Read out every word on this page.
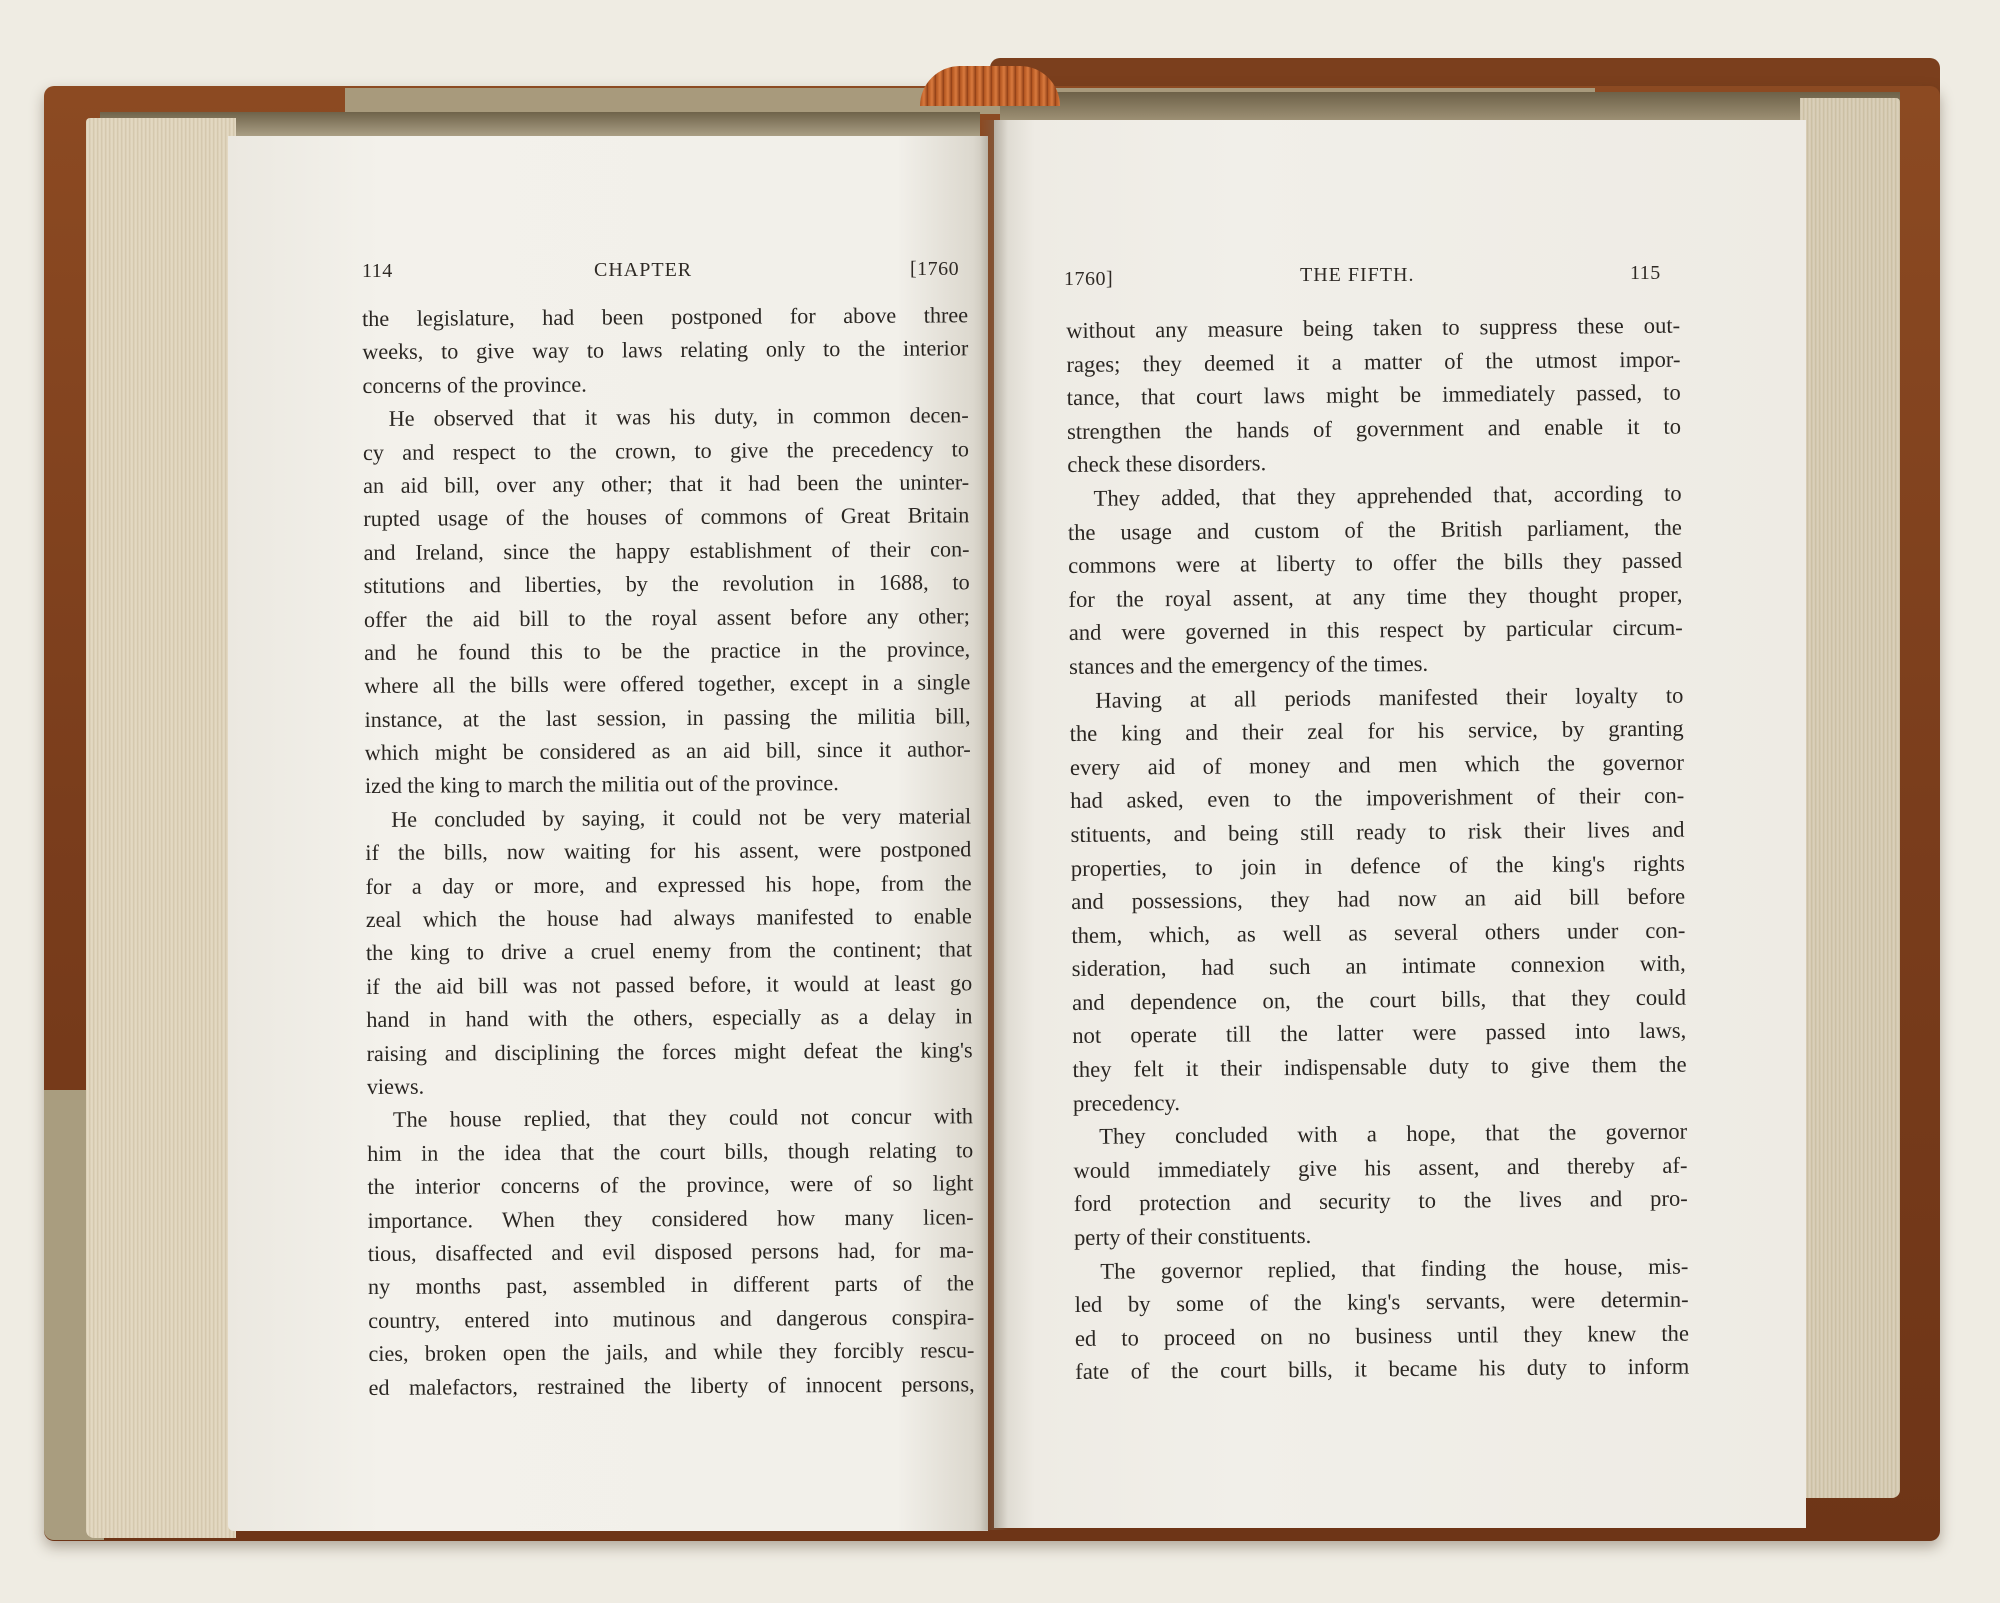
114	CHAPTER	[1760	1760]	THE FIFTH.	115
the legislature, had been postponed for above three
weeks, to give way to laws relating only to the interior
concerns of the province.
He observed that it was his duty, in common decen-
cy and respect to the crown, to give the precedency to
an aid bill, over any other; that it had been the uninter-
rupted usage of the houses of commons of Great Britain
and Ireland, since the happy establishment of their con-
stitutions and liberties, by the revolution in 1688, to
offer the aid bill to the royal assent before any other;
and he found this to be the practice in the province,
where all the bills were offered together, except in a single
instance, at the last session, in passing the militia bill,
which might be considered as an aid bill, since it author-
ized the king to march the militia out of the province.
He concluded by saying, it could not be very material
if the bills, now waiting for his assent, were postponed
for a day or more, and expressed his hope, from the
zeal which the house had always manifested to enable
the king to drive a cruel enemy from the continent; that
if the aid bill was not passed before, it would at least go
hand in hand with the others, especially as a delay in
raising and disciplining the forces might defeat the king's
views.
The house replied, that they could not concur with
him in the idea that the court bills, though relating to
the interior concerns of the province, were of so light
importance. When they considered how many licen-
tious, disaffected and evil disposed persons had, for ma-
ny months past, assembled in different parts of the
country, entered into mutinous and dangerous conspira-
cies, broken open the jails, and while they forcibly rescu-
ed malefactors, restrained the liberty of innocent persons,
without any measure being taken to suppress these out-
rages; they deemed it a matter of the utmost impor-
tance, that court laws might be immediately passed, to
strengthen the hands of government and enable it to
check these disorders.
They added, that they apprehended that, according to
the usage and custom of the British parliament, the
commons were at liberty to offer the bills they passed
for the royal assent, at any time they thought proper,
and were governed in this respect by particular circum-
stances and the emergency of the times.
Having at all periods manifested their loyalty to
the king and their zeal for his service, by granting
every aid of money and men which the governor
had asked, even to the impoverishment of their con-
stituents, and being still ready to risk their lives and
properties, to join in defence of the king's rights
and possessions, they had now an aid bill before
them, which, as well as several others under con-
sideration, had such an intimate connexion with,
and dependence on, the court bills, that they could
not operate till the latter were passed into laws,
they felt it their indispensable duty to give them the
precedency.
They concluded with a hope, that the governor
would immediately give his assent, and thereby af-
ford protection and security to the lives and pro-
perty of their constituents.
The governor replied, that finding the house, mis-
led by some of the king's servants, were determin-
ed to proceed on no business until they knew the
fate of the court bills, it became his duty to inform
